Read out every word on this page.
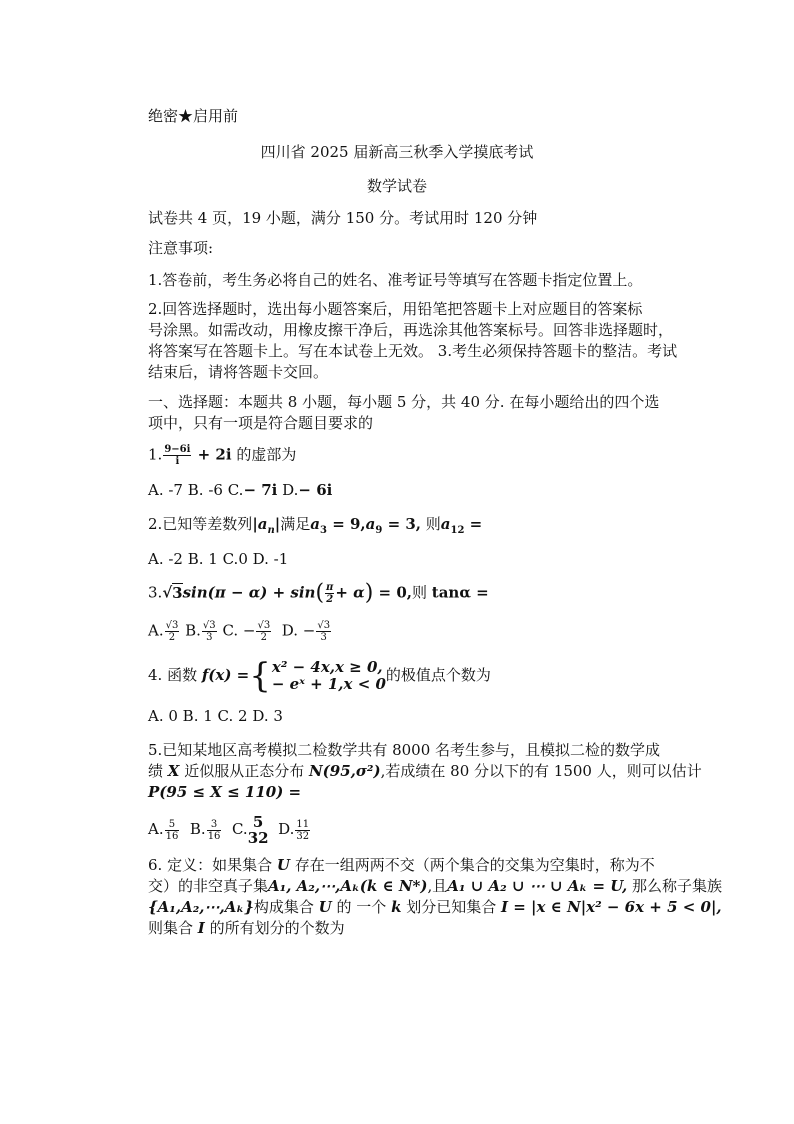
绝密★启用前
四川省 2025 届新高三秋季入学摸底考试
数学试卷
试卷共 4 页，19 小题，满分 150 分。考试用时 120 分钟
注意事项:
1.答卷前，考生务必将自己的姓名、准考证号等填写在答题卡指定位置上。
2.回答选择题时，选出每小题答案后，用铅笔把答题卡上对应题目的答案标
号涂黑。如需改动，用橡皮擦干净后，再选涂其他答案标号。回答非选择题时，
将答案写在答题卡上。写在本试卷上无效。 3.考生必须保持答题卡的整洁。考试
结束后，请将答题卡交回。
一、选择题：本题共 8 小题，每小题 5 分，共 40 分. 在每小题给出的四个选
项中，只有一项是符合题目要求的
1. $\frac{9-6i}{i} + 2i$ 的虚部为
A. -7 B. -6 C.− 7i D.− 6i
2.已知等差数列$|a_n|$满足$a_3 = 9,a_9 = 3$, 则$a_{12}$ =
A. -2 B. 1 C.0 D. -1
$3.√3\sin(\pi - \alpha) + \sin( \frac{\pi}{2} + \alpha) = 0$,则 tanα =
A. $\frac{√3}{2} B$. $\frac{√3}{3} C$. − $\frac{√3}{2} D$. − $\frac{√3}{3}$
4. 函数 f(x) ={ x² − 4x,x ≥ 0,
− eˣ + 1,x < 0 的极值点个数为
A. 0 B. 1 C. 2 D. 3
5.已知某地区高考模拟二检数学共有 8000 名考生参与，且模拟二检的数学成
绩 X 近似服从正态分布 N(95,σ²),若成绩在 80 分以下的有 1500 人，则可以估计
P(95 ≤ X ≤ 110) =
A. $\frac{5}{16} B$. $\frac{3}{16} C$. 5
32 D. $\frac{11}{32}$
6. 定义：如果集合 U 存在一组两两不交（两个集合的交集为空集时，称为不
交）的非空真子集A₁, A₂,⋯,Aₖ(k ∈ N*),且A₁ ∪ A₂ ∪ ⋯ ∪ Aₖ = U, 那么称子集族
{A₁,A₂,⋯,Aₖ}构成集合 U 的 一个 k 划分已知集合 I = |x ∈ N|x² − 6x + 5 < 0|,
则集合 I 的所有划分的个数为
